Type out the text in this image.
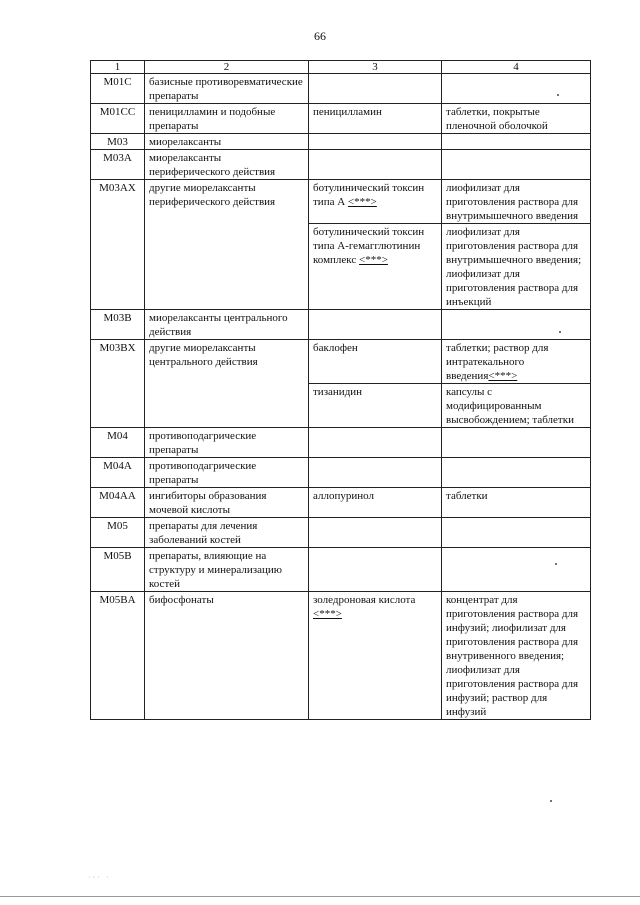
66
1	2	3	4
M01C	базисные противоревматические препараты		
M01CC	пеницилламин и подобные препараты	пеницилламин	таблетки, покрытые пленочной оболочкой
M03	миорелаксанты		
M03A	миорелаксанты периферического действия		
M03AX	другие миорелаксанты периферического действия	ботулинический токсин типа А <***>	лиофилизат для приготовления раствора для внутримышечного введения
		ботулинический токсин типа А-гемагглютинин комплекс <***>	лиофилизат для приготовления раствора для внутримышечного введения; лиофилизат для приготовления раствора для инъекций
M03B	миорелаксанты центрального действия		
M03BX	другие миорелаксанты центрального действия	баклофен	таблетки; раствор для интратекального введения<***>
		тизанидин	капсулы с модифицированным высвобождением; таблетки
M04	противоподагрические препараты		
M04A	противоподагрические препараты		
M04AA	ингибиторы образования мочевой кислоты	аллопуринол	таблетки
M05	препараты для лечения заболеваний костей		
M05B	препараты, влияющие на структуру и минерализацию костей		
M05BA	бифосфонаты	золедроновая кислота <***>	концентрат для приготовления раствора для инфузий; лиофилизат для приготовления раствора для внутривенного введения; лиофилизат для приготовления раствора для инфузий; раствор для инфузий
··· ·
